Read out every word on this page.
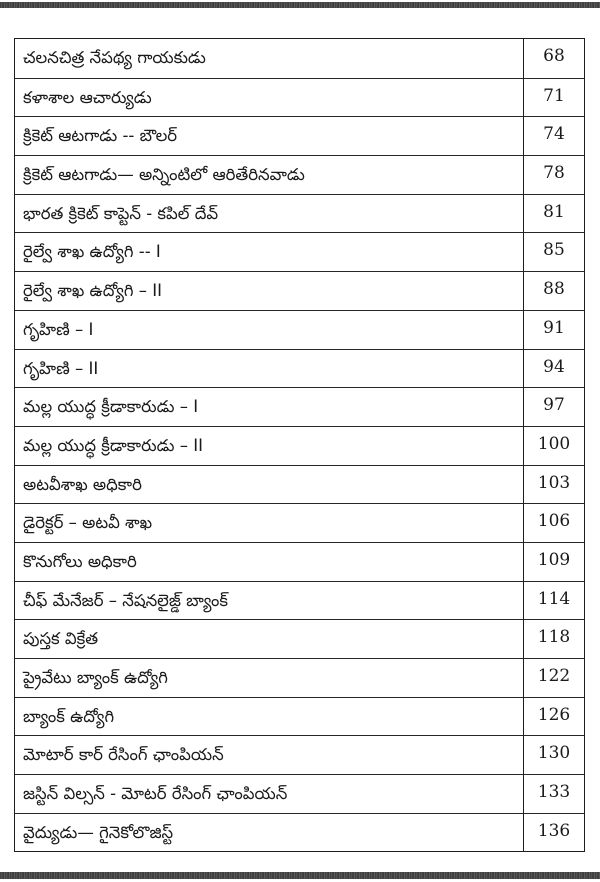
చలనచిత్ర నేపథ్య గాయకుడు	68
కళాశాల ఆచార్యుడు	71
క్రికెట్ ఆటగాడు -- బౌలర్	74
క్రికెట్ ఆటగాడు— అన్నింటిలో ఆరితేరినవాడు	78
భారత క్రికెట్ కాప్టెన్ - కపిల్ దేవ్	81
రైల్వే శాఖ ఉద్యోగి -- I	85
రైల్వే శాఖ ఉద్యోగి – II	88
గృహిణి – I	91
గృహిణి – II	94
మల్ల యుద్ధ క్రీడాకారుడు – I	97
మల్ల యుద్ధ క్రీడాకారుడు – II	100
అటవీశాఖ అధికారి	103
డైరెక్టర్ – అటవీ శాఖ	106
కొనుగోలు అధికారి	109
చీఫ్ మేనేజర్ – నేషనలైజ్డ్ బ్యాంక్	114
పుస్తక విక్రేత	118
ప్రైవేటు బ్యాంక్ ఉద్యోగి	122
బ్యాంక్ ఉద్యోగి	126
మోటార్ కార్ రేసింగ్ ఛాంపియన్	130
జస్టిన్ విల్సన్ - మోటర్ రేసింగ్ ఛాంపియన్	133
వైద్యుడు— గైనెకోలొజిస్ట్	136
